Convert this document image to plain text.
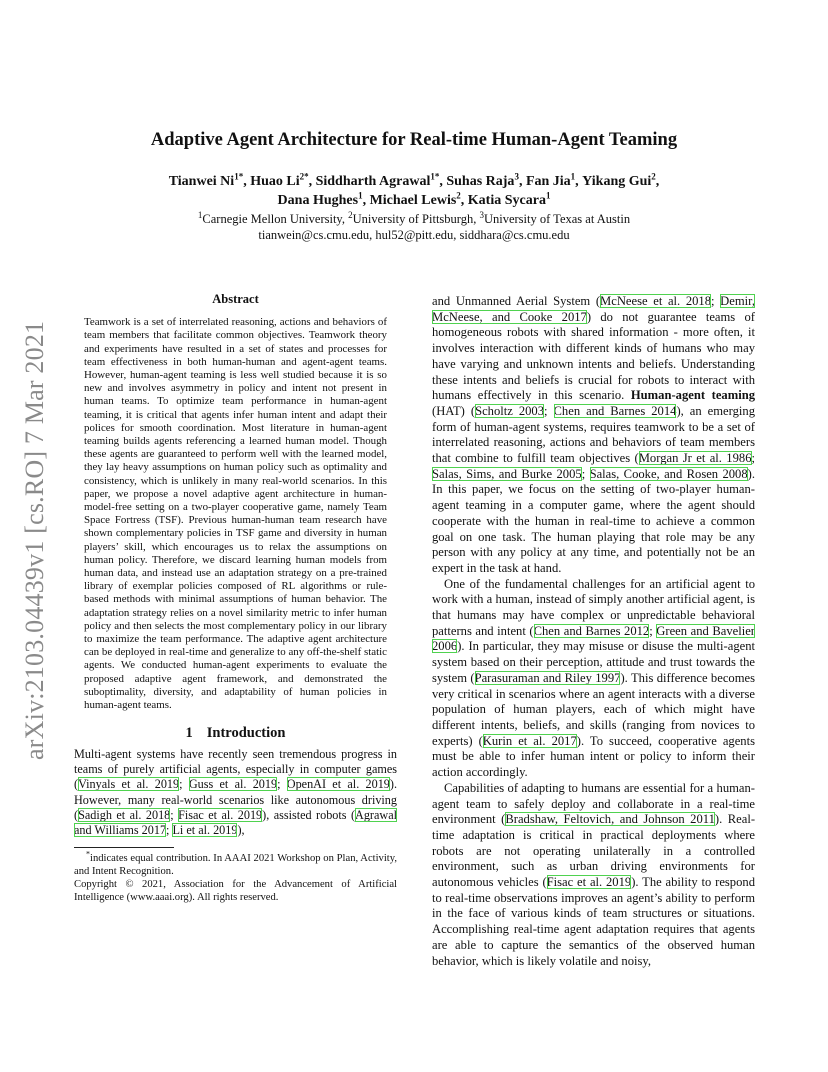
arXiv:2103.04439v1 [cs.RO] 7 Mar 2021
Adaptive Agent Architecture for Real-time Human-Agent Teaming
Tianwei $Ni^{1*}$, Huao $Li^{2*}$, Siddharth Agrawal$^{1*}$, Suhas Raja$^3$, Fan Jia$^1$, Yikang Gui$^2$,
Dana Hughes$^1$, Michael Lewis$^2$, Katia Sycara$^1$
$^1$Carnegie Mellon University, $^2$University of Pittsburgh, $^3$University of Texas at Austin
tianwein@cs.cmu.edu, hul52@pitt.edu, siddhara@cs.cmu.edu
Abstract

Teamwork is a set of interrelated reasoning, actions and behaviors of team members that facilitate common objectives. Teamwork theory and experiments have resulted in a set of states and processes for team effectiveness in both human-human and agent-agent teams. However, human-agent teaming is less well studied because it is so new and involves asymmetry in policy and intent not present in human teams. To optimize team performance in human-agent teaming, it is critical that agents infer human intent and adapt their polices for smooth coordination. Most literature in human-agent teaming builds agents referencing a learned human model. Though these agents are guaranteed to perform well with the learned model, they lay heavy assumptions on human policy such as optimality and consistency, which is unlikely in many real-world scenarios. In this paper, we propose a novel adaptive agent architecture in human-model-free setting on a two-player cooperative game, namely Team Space Fortress (TSF). Previous human-human team research have shown complementary policies in TSF game and diversity in human players’ skill, which encourages us to relax the assumptions on human policy. Therefore, we discard learning human models from human data, and instead use an adaptation strategy on a pre-trained library of exemplar policies composed of RL algorithms or rule-based methods with minimal assumptions of human behavior. The adaptation strategy relies on a novel similarity metric to infer human policy and then selects the most complementary policy in our library to maximize the team performance. The adaptive agent architecture can be deployed in real-time and generalize to any off-the-shelf static agents. We conducted human-agent experiments to evaluate the proposed adaptive agent framework, and demonstrated the suboptimality, diversity, and adaptability of human policies in human-agent teams.

1 Introduction

Multi-agent systems have recently seen tremendous progress in teams of purely artificial agents, especially in computer games (Vinyals et al. 2019; Guss et al. 2019; OpenAI et al. 2019). However, many real-world scenarios like autonomous driving (Sadigh et al. 2018; Fisac et al. 2019), assisted robots (Agrawal and Williams 2017; Li et al. 2019),

*indicates equal contribution. In AAAI 2021 Workshop on Plan, Activity, and Intent Recognition.

Copyright © 2021, Association for the Advancement of Artificial Intelligence (www.aaai.org). All rights reserved.

and Unmanned Aerial System (McNeese et al. 2018; Demir, McNeese, and Cooke 2017) do not guarantee teams of homogeneous robots with shared information - more often, it involves interaction with different kinds of humans who may have varying and unknown intents and beliefs. Understanding these intents and beliefs is crucial for robots to interact with humans effectively in this scenario. Human-agent teaming (HAT) (Scholtz 2003; Chen and Barnes 2014), an emerging form of human-agent systems, requires teamwork to be a set of interrelated reasoning, actions and behaviors of team members that combine to fulfill team objectives (Morgan Jr et al. 1986; Salas, Sims, and Burke 2005; Salas, Cooke, and Rosen 2008). In this paper, we focus on the setting of two-player human-agent teaming in a computer game, where the agent should cooperate with the human in real-time to achieve a common goal on one task. The human playing that role may be any person with any policy at any time, and potentially not be an expert in the task at hand.

One of the fundamental challenges for an artificial agent to work with a human, instead of simply another artificial agent, is that humans may have complex or unpredictable behavioral patterns and intent (Chen and Barnes 2012; Green and Bavelier 2006). In particular, they may misuse or disuse the multi-agent system based on their perception, attitude and trust towards the system (Parasuraman and Riley 1997). This difference becomes very critical in scenarios where an agent interacts with a diverse population of human players, each of which might have different intents, beliefs, and skills (ranging from novices to experts) (Kurin et al. 2017). To succeed, cooperative agents must be able to infer human intent or policy to inform their action accordingly.

Capabilities of adapting to humans are essential for a human-agent team to safely deploy and collaborate in a real-time environment (Bradshaw, Feltovich, and Johnson 2011). Real-time adaptation is critical in practical deployments where robots are not operating unilaterally in a controlled environment, such as urban driving environments for autonomous vehicles (Fisac et al. 2019). The ability to respond to real-time observations improves an agent’s ability to perform in the face of various kinds of team structures or situations. Accomplishing real-time agent adaptation requires that agents are able to capture the semantics of the observed human behavior, which is likely volatile and noisy,
